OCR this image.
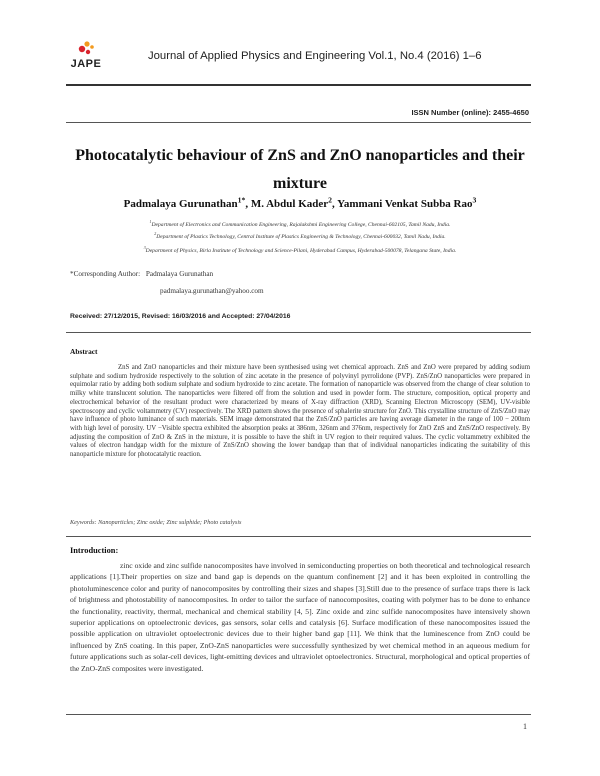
JAPE
Journal of Applied Physics and Engineering Vol.1, No.4 (2016) 1–6
ISSN Number (online): 2455-4650
Photocatalytic behaviour of ZnS and ZnO nanoparticles and their mixture
Padmalaya Gurunathan$^{1*}$, M. Abdul Kader$^2$, Yammani Venkat Subba Rao$^3$
$^1$Department of Electronics and Communication Engineering, Rajalakshmi Engineering College, Chennai-602105, Tamil Nadu, India.
$^2$Department of Plastics Technology, Central Institute of Plastics Engineering & Technology, Chennai-600032, Tamil Nadu, India.
$^3$Department of Physics, Birla Institute of Technology and Science-Pilani, Hyderabad Campus, Hyderabad-500078, Telangana State, India.
*Corresponding Author: Padmalaya Gurunathan
padmalaya.gurunathan@yahoo.com
Received: 27/12/2015, Revised: 16/03/2016 and Accepted: 27/04/2016
Abstract

ZnS and ZnO nanoparticles and their mixture have been synthesised using wet chemical approach. ZnS and ZnO were prepared by adding sodium sulphate and sodium hydroxide respectively to the solution of zinc acetate in the presence of polyvinyl pyrrolidone (PVP). ZnS/ZnO nanoparticles were prepared in equimolar ratio by adding both sodium sulphate and sodium hydroxide to zinc acetate. The formation of nanoparticle was observed from the change of clear solution to milky white translucent solution. The nanoparticles were filtered off from the solution and used in powder form. The structure, composition, optical property and electrochemical behavior of the resultant product were characterized by means of X-ray diffraction (XRD), Scanning Electron Microscopy (SEM), UV-visible spectroscopy and cyclic voltammetry (CV) respectively. The XRD pattern shows the presence of sphalerite structure for ZnO. This crystalline structure of ZnS/ZnO may have influence of photo luminance of such materials. SEM image demonstrated that the ZnS/ZnO particles are having average diameter in the range of 100 − 200nm with high level of porosity. UV −Visible spectra exhibited the absorption peaks at 386nm, 326nm and 376nm, respectively for ZnO ZnS and ZnS/ZnO respectively. By adjusting the composition of ZnO & ZnS in the mixture, it is possible to have the shift in UV region to their required values. The cyclic voltammetry exhibited the values of electron handgap width for the mixture of ZnS/ZnO showing the lower bandgap than that of individual nanoparticles indicating the suitability of this nanoparticle mixture for photocatalytic reaction.

Keywords: Nanoparticles; Zinc oxide; Zinc sulphide; Photo catalysis
Introduction:

zinc oxide and zinc sulfide nanocomposites have involved in semiconducting properties on both theoretical and technological research applications [1].Their properties on size and band gap is depends on the quantum confinement [2] and it has been exploited in controlling the photoluminescence color and purity of nanocomposites by controlling their sizes and shapes [3].Still due to the presence of surface traps there is lack of brightness and photostability of nanocomposites. In order to tailor the surface of nanocomposites, coating with polymer has to be done to enhance the functionality, reactivity, thermal, mechanical and chemical stability [4, 5]. Zinc oxide and zinc sulfide nanocomposites have intensively shown superior applications on optoelectronic devices, gas sensors, solar cells and catalysis [6]. Surface modification of these nanocomposites issued the possible application on ultraviolet optoelectronic devices due to their higher band gap [11]. We think that the luminescence from ZnO could be influenced by ZnS coating. In this paper, ZnO-ZnS nanoparticles were successfully synthesized by wet chemical method in an aqueous medium for future applications such as solar-cell devices, light-emitting devices and ultraviolet optoelectronics. Structural, morphological and optical properties of the ZnO-ZnS composites were investigated.

1
